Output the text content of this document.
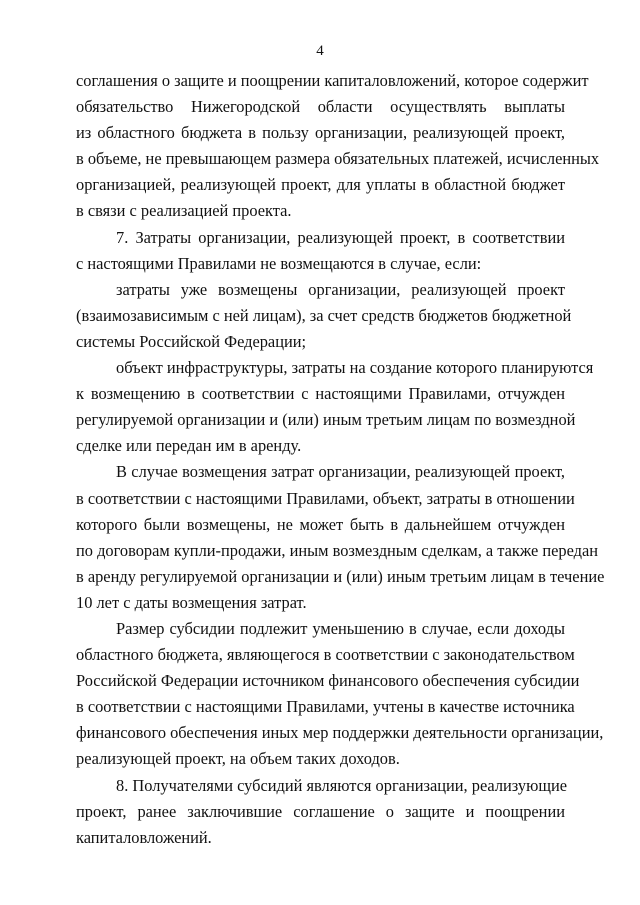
4
соглашения о защите и поощрении капиталовложений, которое содержит
обязательство Нижегородской области осуществлять выплаты
из областного бюджета в пользу организации, реализующей проект,
в объеме, не превышающем размера обязательных платежей, исчисленных
организацией, реализующей проект, для уплаты в областной бюджет
в связи с реализацией проекта.
7. Затраты организации, реализующей проект, в соответствии
с настоящими Правилами не возмещаются в случае, если:
затраты уже возмещены организации, реализующей проект
(взаимозависимым с ней лицам), за счет средств бюджетов бюджетной
системы Российской Федерации;
объект инфраструктуры, затраты на создание которого планируются
к возмещению в соответствии с настоящими Правилами, отчужден
регулируемой организации и (или) иным третьим лицам по возмездной
сделке или передан им в аренду.
В случае возмещения затрат организации, реализующей проект,
в соответствии с настоящими Правилами, объект, затраты в отношении
которого были возмещены, не может быть в дальнейшем отчужден
по договорам купли-продажи, иным возмездным сделкам, а также передан
в аренду регулируемой организации и (или) иным третьим лицам в течение
10 лет с даты возмещения затрат.
Размер субсидии подлежит уменьшению в случае, если доходы
областного бюджета, являющегося в соответствии с законодательством
Российской Федерации источником финансового обеспечения субсидии
в соответствии с настоящими Правилами, учтены в качестве источника
финансового обеспечения иных мер поддержки деятельности организации,
реализующей проект, на объем таких доходов.
8. Получателями субсидий являются организации, реализующие
проект, ранее заключившие соглашение о защите и поощрении
капиталовложений.
